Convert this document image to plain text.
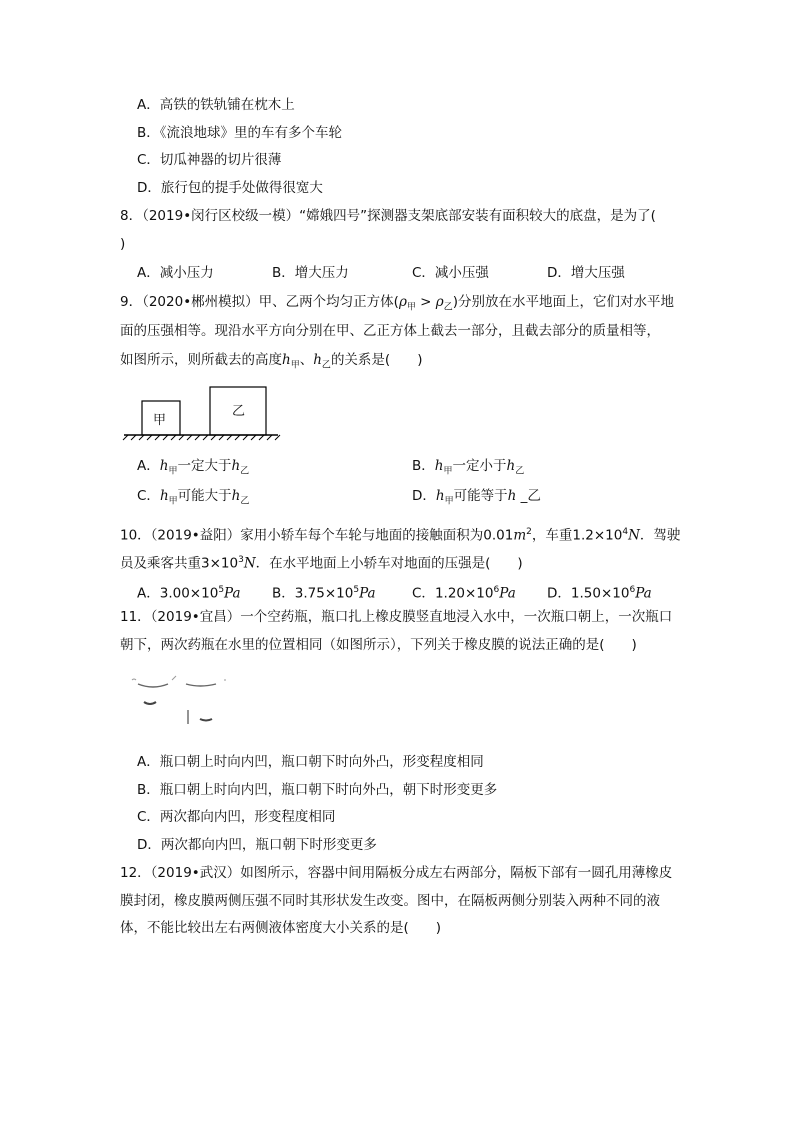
A．高铁的铁轨铺在枕木上
B．《流浪地球》里的车有多个车轮
C．切瓜神器的切片很薄
D．旅行包的提手处做得很宽大
8．（2019•闵行区校级一模）“嫦娥四号”探测器支架底部安装有面积较大的底盘，是为了(
)
A．减小压力	B．增大压力	C．减小压强	D．增大压强
9．（2020•郴州模拟）甲、乙两个均匀正方体$(\rho_甲 > \rho_乙)$分别放在水平地面上，它们对水平地
面的压强相等。现沿水平方向分别在甲、乙正方体上截去一部分，且截去部分的质量相等，
如图所示，则所截去的高度$h_甲$、$h_乙$的关系是(　　)
甲
乙
A．$h_甲$一定大于$h_乙$	B．$h_甲$一定小于$h_乙$
C．$h_甲$可能大于$h_乙$	D．$h_甲$可能等于h _乙
10．（2019•益阳）家用小轿车每个车轮与地面的接触面积为$0.01m^2$，车重$1.2\times 10^4N$．驾驶
员及乘客共重$3\times 10^3N$．在水平地面上小轿车对地面的压强是(　　)
A．$3.00\times 10^5Pa$ B．$3.75\times 10^5Pa$	C．$1.20\times 10^6Pa$ D．$1.50\times 10^6Pa$
11．（2019•宜昌）一个空药瓶，瓶口扎上橡皮膜竖直地浸入水中，一次瓶口朝上，一次瓶口
朝下，两次药瓶在水里的位置相同（如图所示），下列关于橡皮膜的说法正确的是(　　)
A．瓶口朝上时向内凹，瓶口朝下时向外凸，形变程度相同
B．瓶口朝上时向内凹，瓶口朝下时向外凸，朝下时形变更多
C．两次都向内凹，形变程度相同
D．两次都向内凹，瓶口朝下时形变更多
12．（2019•武汉）如图所示，容器中间用隔板分成左右两部分，隔板下部有一圆孔用薄橡皮
膜封闭，橡皮膜两侧压强不同时其形状发生改变。图中，在隔板两侧分别装入两种不同的液
体，不能比较出左右两侧液体密度大小关系的是(　　)
